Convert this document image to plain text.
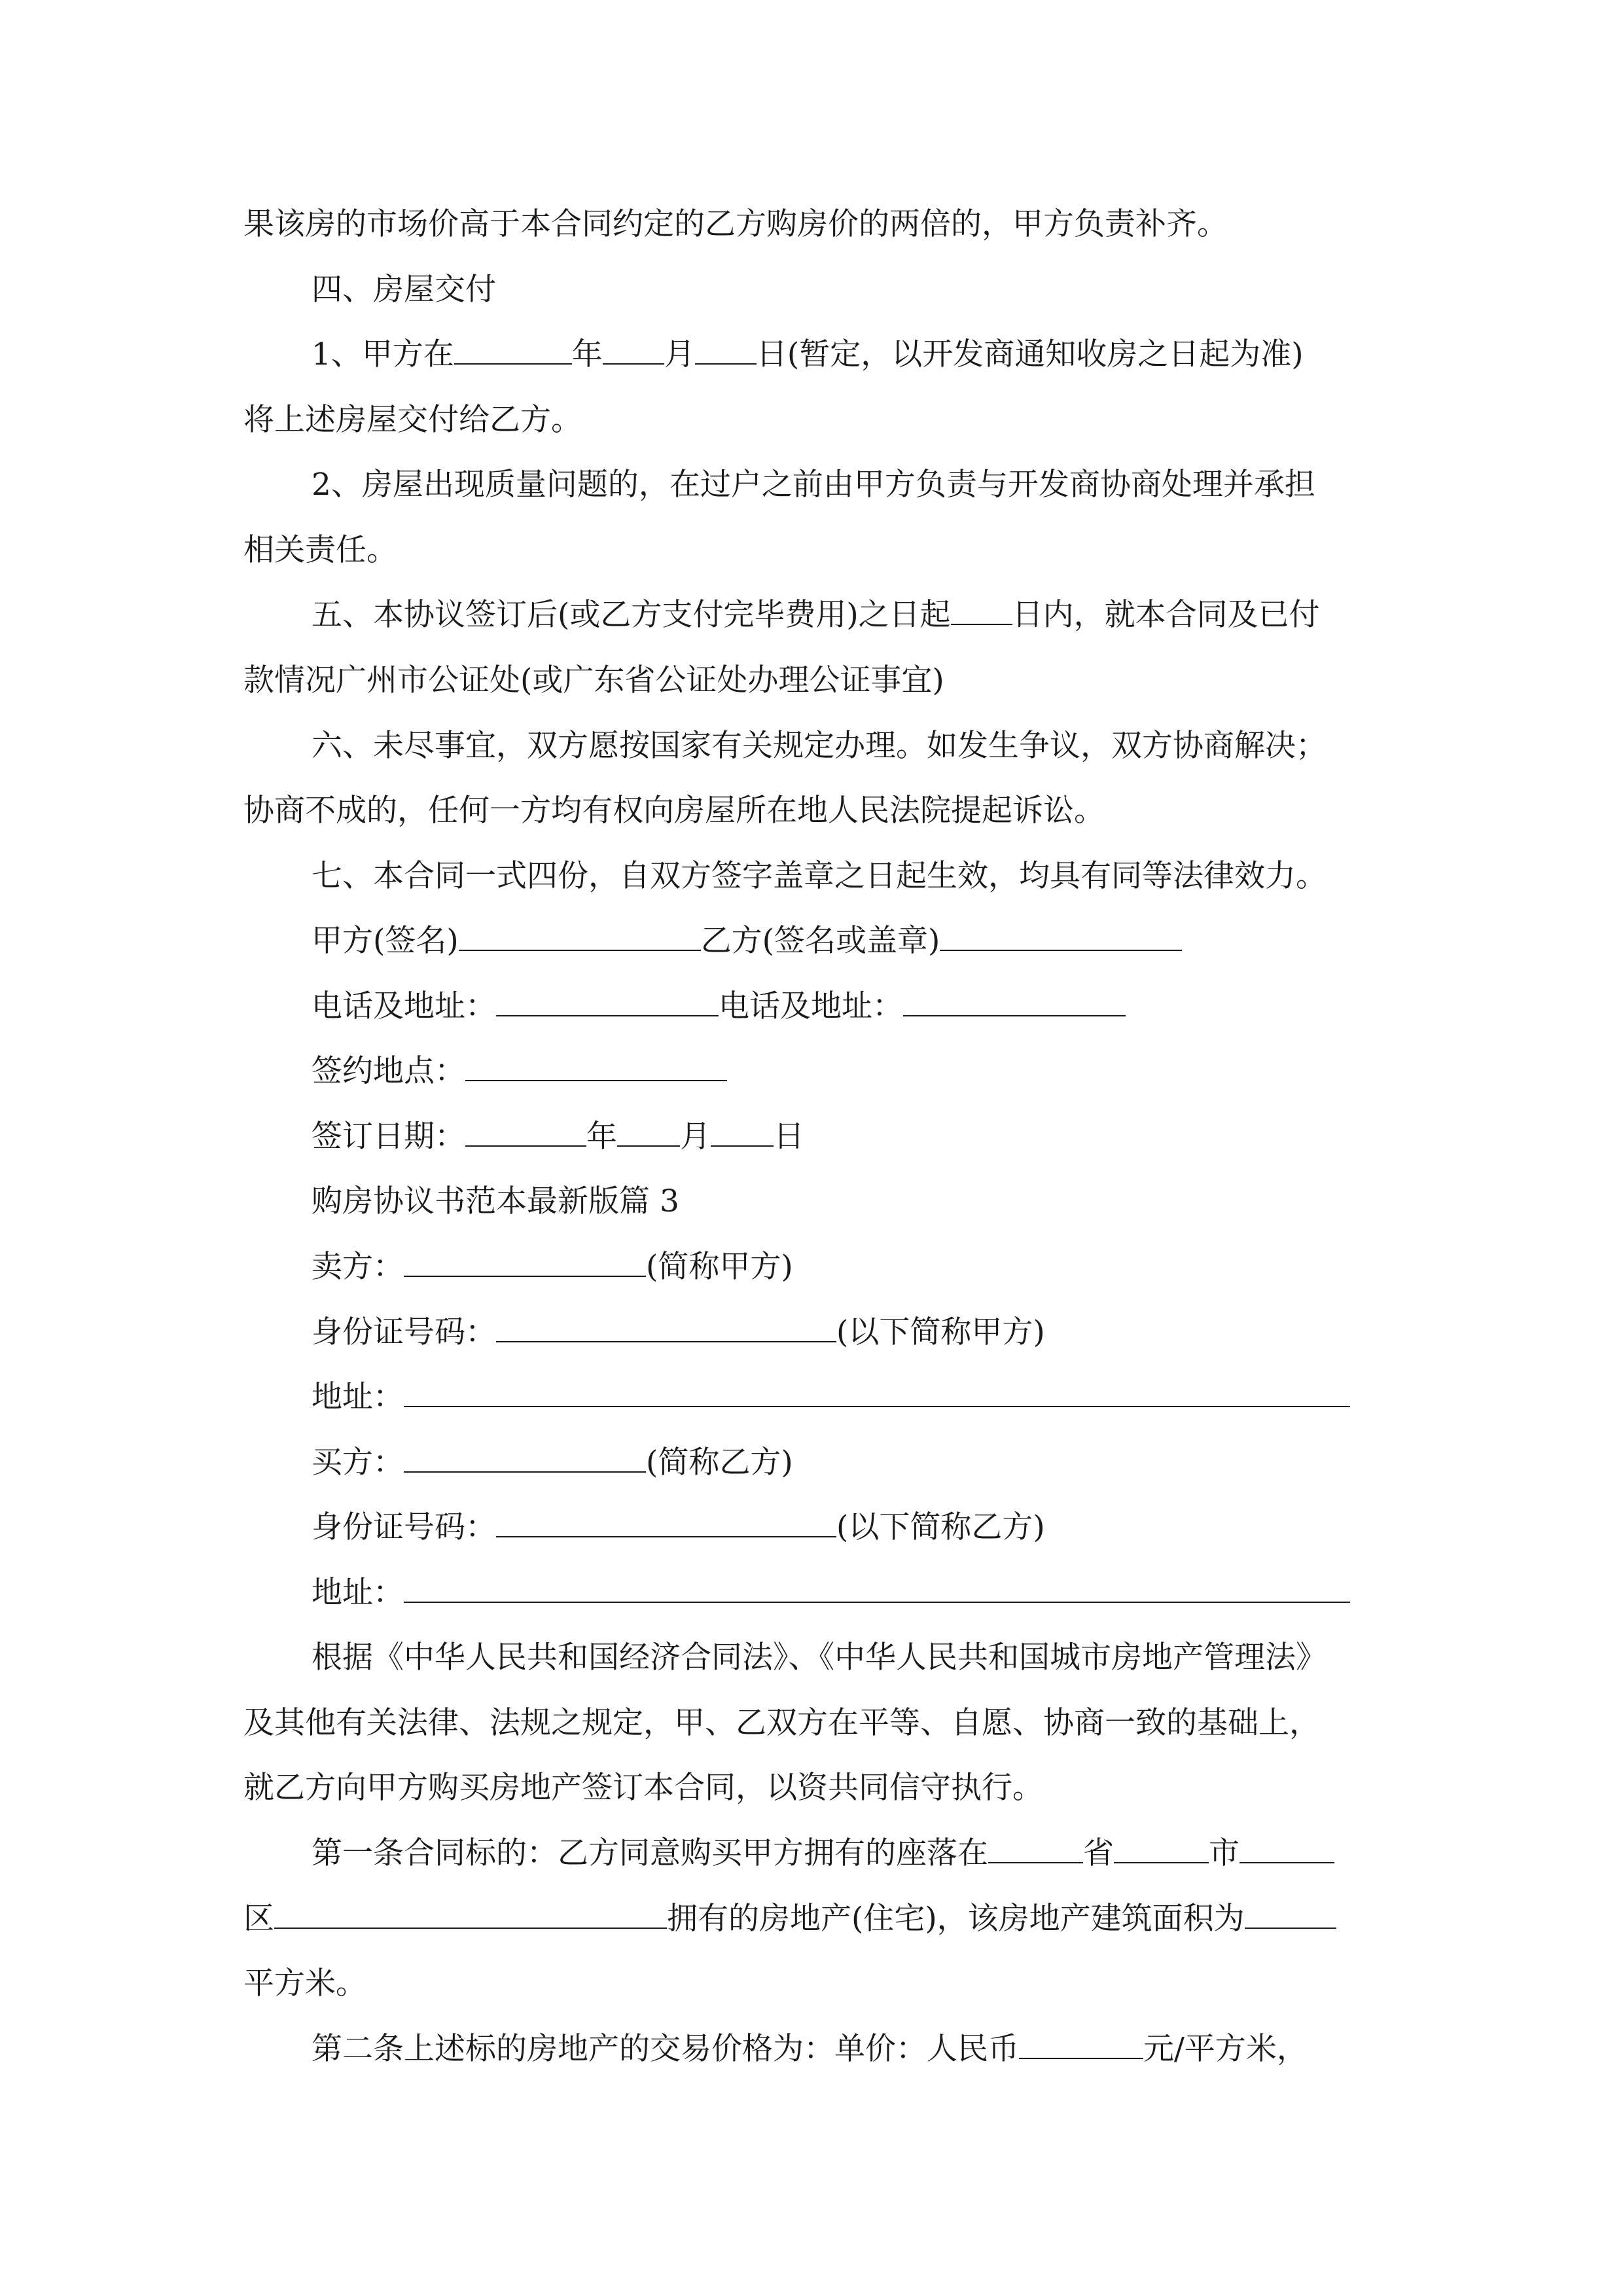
果该房的市场价高于本合同约定的乙方购房价的两倍的，甲方负责补齐。
四、房屋交付
1、甲方在	年 月 日(暂定，以开发商通知收房之日起为准)
将上述房屋交付给乙方。
2、房屋出现质量问题的，在过户之前由甲方负责与开发商协商处理并承担
相关责任。
五、本协议签订后(或乙方支付完毕费用)之日起 日内，就本合同及已付
款情况广州市公证处(或广东省公证处办理公证事宜)
六、未尽事宜，双方愿按国家有关规定办理。如发生争议，双方协商解决；
协商不成的，任何一方均有权向房屋所在地人民法院提起诉讼。
七、本合同一式四份，自双方签字盖章之日起生效，均具有同等法律效力。
甲方(签名)	乙方(签名或盖章)
电话及地址：	电话及地址：
签约地点：
签订日期：	年 月 日
购房协议书范本最新版篇 3
卖方：	(简称甲方)
身份证号码：	(以下简称甲方)
地址：
买方：	(简称乙方)
身份证号码：	(以下简称乙方)
地址：
根据《中华人民共和国经济合同法》、《中华人民共和国城市房地产管理法》
及其他有关法律、法规之规定，甲、乙双方在平等、自愿、协商一致的基础上，
就乙方向甲方购买房地产签订本合同，以资共同信守执行。
第一条合同标的：乙方同意购买甲方拥有的座落在	省	市
区	拥有的房地产(住宅)，该房地产建筑面积为
平方米。
第二条上述标的房地产的交易价格为：单价：人民币	元/平方米，
